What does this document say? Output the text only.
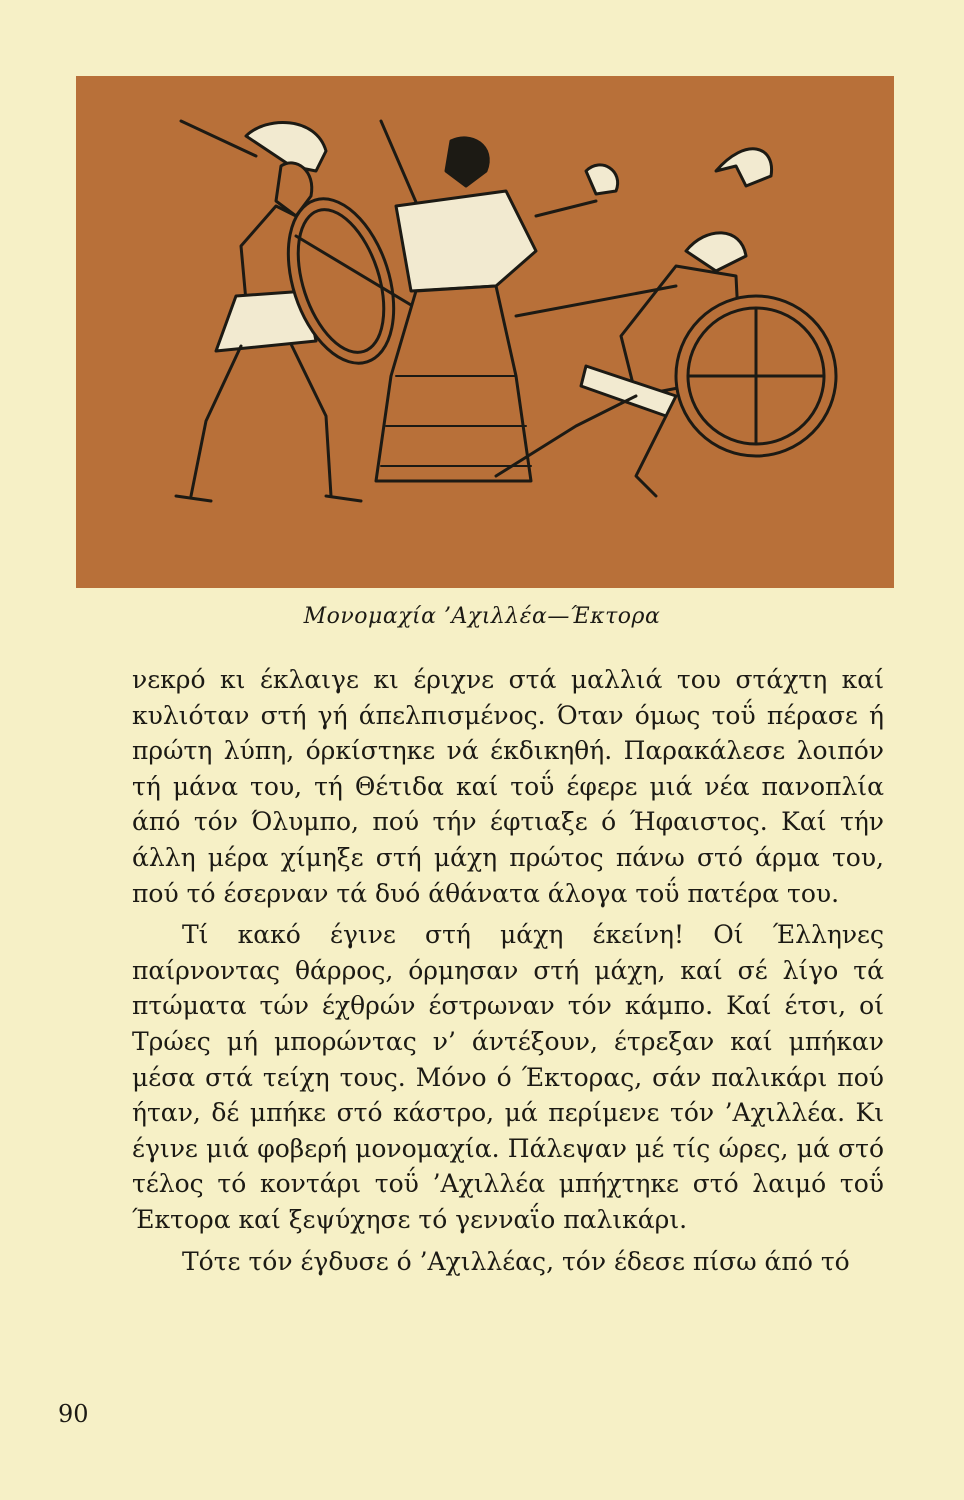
Μονομαχία ’Αχιλλέα—Έκτορα

νεκρό κι έκλαιγε κι έριχνε στά μαλλιά του στάχτη καί κυλιόταν στή γή άπελπισμένος. Όταν όμως τοΰ πέρασε ή πρώτη λύπη, όρκίστηκε νά έκδικηθή. Παρακάλεσε λοιπόν τή μάνα του, τή Θέτιδα καί τοΰ έφερε μιά νέα πανοπλία άπό τόν Όλυμπο, πού τήν έφτιαξε ό Ήφαιστος. Καί τήν άλλη μέρα χίμηξε στή μάχη πρώτος πάνω στό άρμα του, πού τό έσερναν τά δυό άθάνατα άλογα τοΰ πατέρα του.

Τί κακό έγινε στή μάχη έκείνη! Οί Έλληνες παίρνοντας θάρρος, όρμησαν στή μάχη, καί σέ λίγο τά πτώματα τών έχθρών έστρωναν τόν κάμπο. Καί έτσι, οί Τρώες μή μπορώντας ν’ άντέξουν, έτρεξαν καί μπήκαν μέσα στά τείχη τους. Μόνο ό Έκτορας, σάν παλικάρι πού ήταν, δέ μπήκε στό κάστρο, μά περίμενε τόν ’Αχιλλέα. Κι έγινε μιά φοβερή μονομαχία. Πάλεψαν μέ τίς ώρες, μά στό τέλος τό κοντάρι τοΰ ’Αχιλλέα μπήχτηκε στό λαιμό τοΰ Έκτορα καί ξεψύχησε τό γενναΐο παλικάρι.

Τότε τόν έγδυσε ό ’Αχιλλέας, τόν έδεσε πίσω άπό τό

90
